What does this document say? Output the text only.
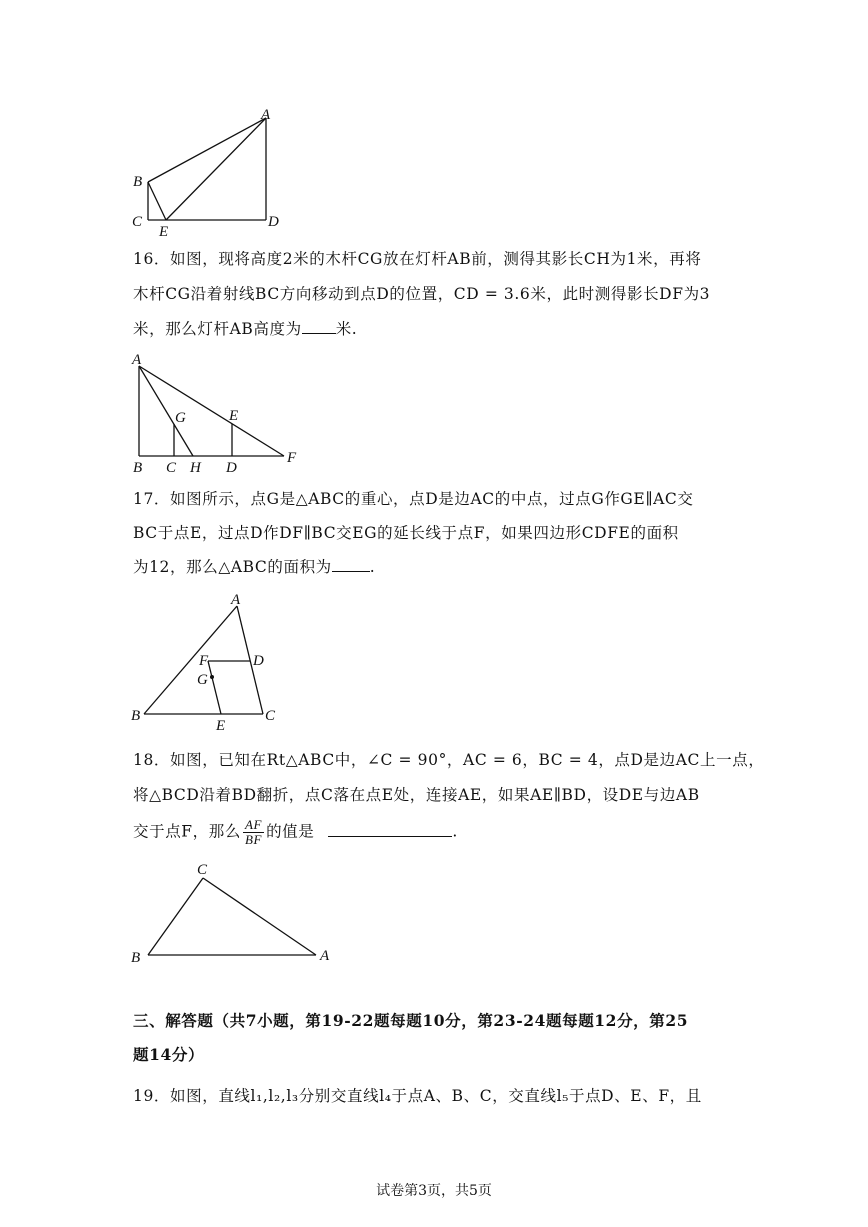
A
B
C
E
D
16．如图，现将高度2米的木杆CG放在灯杆AB前，测得其影长CH为1米，再将
木杆CG沿着射线BC方向移动到点D的位置，CD = 3.6米，此时测得影长DF为3
米，那么灯杆AB高度为 米.
A
G	E
B C H D
F
17．如图所示，点G是△ABC的重心，点D是边AC的中点，过点G作GE∥AC交
BC于点E，过点D作DF∥BC交EG的延长线于点F，如果四边形CDFE的面积
为12，那么△ABC的面积为 .
A
F	D
G
B
E
C
18．如图，已知在Rt△ABC中，∠C = 90°，AC = 6，BC = 4，点D是边AC上一点，
将△BCD沿着BD翻折，点C落在点E处，连接AE，如果AE∥BD，设DE与边AB
交于点F，那么 $\frac{AF}{BF}$ 的值是	.
C
B	A
三、解答题（共7小题，第19-22题每题10分，第23-24题每题12分，第25
题14分）
19．如图，直线l₁,l₂,l₃分别交直线l₄于点A、B、C，交直线l₅于点D、E、F，且
试卷第3页，共5页
